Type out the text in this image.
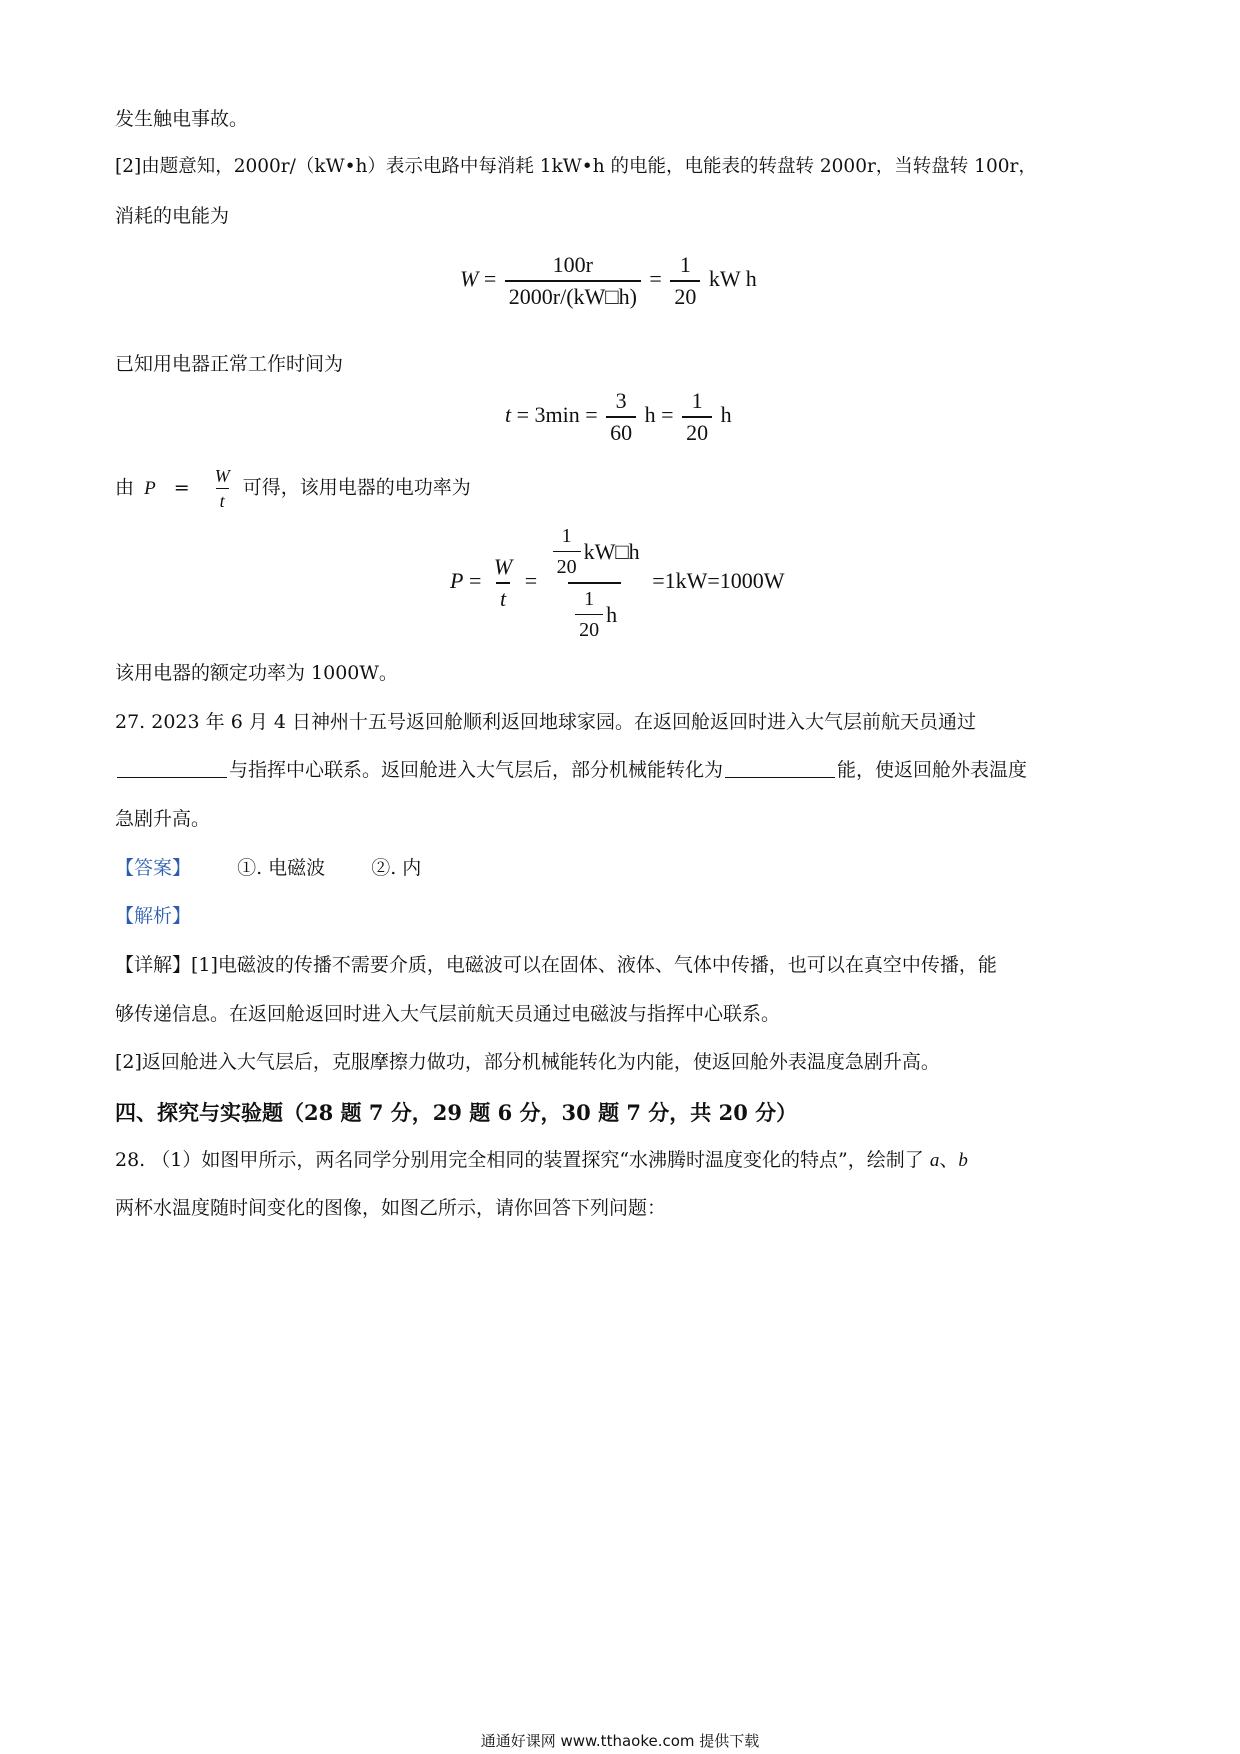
发生触电事故。
[2]由题意知，2000r/（kW•h）表示电路中每消耗 1kW•h 的电能，电能表的转盘转 2000r，当转盘转 100r，
消耗的电能为
$W = \frac{100r}{2000r/(kW□h)} = \frac{1}{20}$ kW h
已知用电器正常工作时间为
$t = 3\min = \frac{3}{60}$ $h = \frac{1}{20}$ h
由 $P = \frac{W}{t}$ 可得，该用电器的电功率为
$P = \frac{W}{t} = \frac{\frac{1}{20} kW□h}{\frac{1}{20} h} =1kW=1000W$
该用电器的额定功率为 1000W。
27. 2023 年 6 月 4 日神州十五号返回舱顺利返回地球家园。在返回舱返回时进入大气层前航天员通过
与指挥中心联系。返回舱进入大气层后，部分机械能转化为	能，使返回舱外表温度
急剧升高。
【答案】 ①. 电磁波 ②. 内
【解析】
【详解】[1]电磁波的传播不需要介质，电磁波可以在固体、液体、气体中传播，也可以在真空中传播，能
够传递信息。在返回舱返回时进入大气层前航天员通过电磁波与指挥中心联系。
[2]返回舱进入大气层后，克服摩擦力做功，部分机械能转化为内能，使返回舱外表温度急剧升高。
四、探究与实验题（28 题 7 分，29 题 6 分，30 题 7 分，共 20 分）
28. （1）如图甲所示，两名同学分别用完全相同的装置探究“水沸腾时温度变化的特点”，绘制了 a、b
两杯水温度随时间变化的图像，如图乙所示，请你回答下列问题：
通通好课网 www.tthaoke.com 提供下载
